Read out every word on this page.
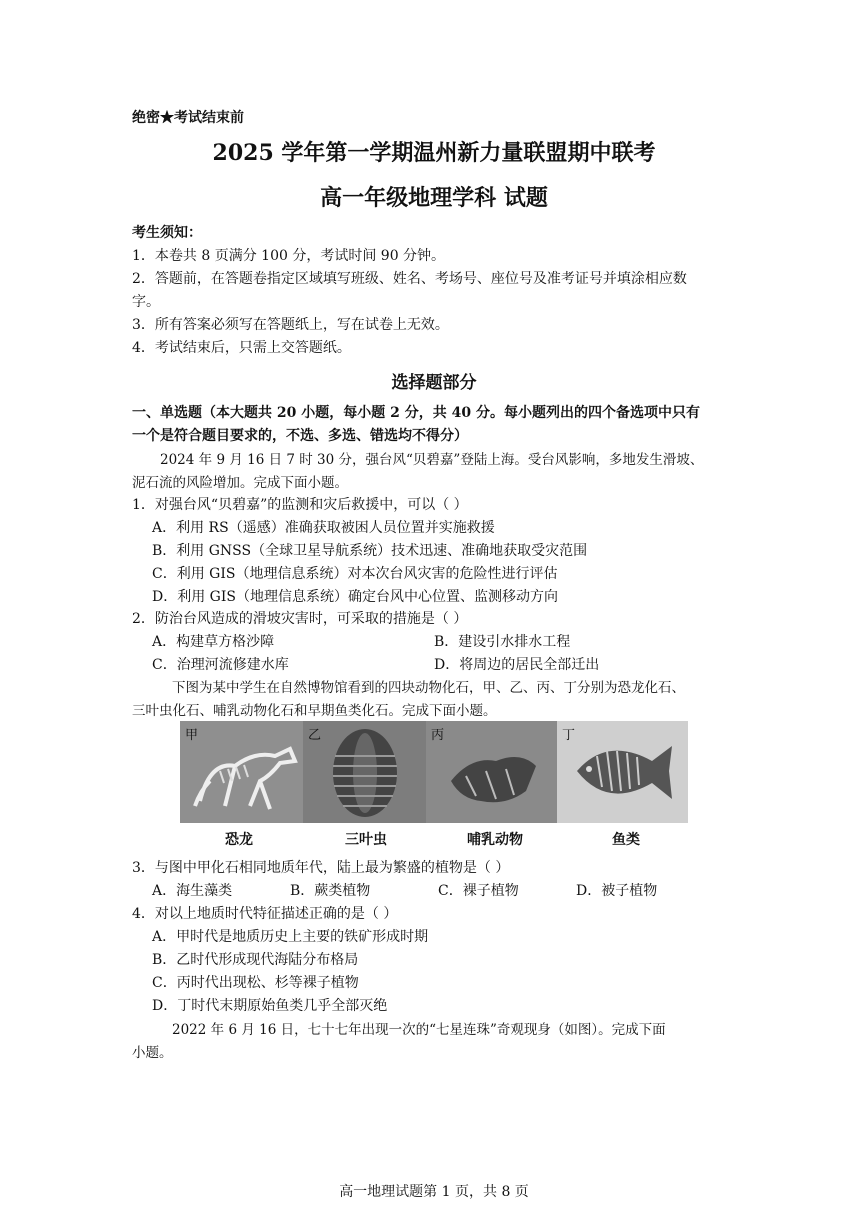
绝密★考试结束前
2025 学年第一学期温州新力量联盟期中联考
高一年级地理学科 试题
考生须知：
1．本卷共 8 页满分 100 分，考试时间 90 分钟。
2．答题前，在答题卷指定区域填写班级、姓名、考场号、座位号及准考证号并填涂相应数
字。
3．所有答案必须写在答题纸上，写在试卷上无效。
4．考试结束后，只需上交答题纸。
选择题部分
一、单选题（本大题共 20 小题，每小题 2 分，共 40 分。每小题列出的四个备选项中只有
一个是符合题目要求的，不选、多选、错选均不得分）
2024 年 9 月 16 日 7 时 30 分，强台风“贝碧嘉”登陆上海。受台风影响，多地发生滑坡、
泥石流的风险增加。完成下面小题。
1．对强台风“贝碧嘉”的监测和灾后救援中，可以（ ）
A．利用 RS（遥感）准确获取被困人员位置并实施救援
B．利用 GNSS（全球卫星导航系统）技术迅速、准确地获取受灾范围
C．利用 GIS（地理信息系统）对本次台风灾害的危险性进行评估
D．利用 GIS（地理信息系统）确定台风中心位置、监测移动方向
2．防治台风造成的滑坡灾害时，可采取的措施是（ ）
A．构建草方格沙障	B．建设引水排水工程
C．治理河流修建水库	D．将周边的居民全部迁出
下图为某中学生在自然博物馆看到的四块动物化石，甲、乙、丙、丁分别为恐龙化石、
三叶虫化石、哺乳动物化石和早期鱼类化石。完成下面小题。
甲	乙	丙	丁
恐龙	三叶虫	哺乳动物	鱼类
3．与图中甲化石相同地质年代，陆上最为繁盛的植物是（ ）
A．海生藻类	B．蕨类植物	C．裸子植物	D．被子植物
4．对以上地质时代特征描述正确的是（ ）
A．甲时代是地质历史上主要的铁矿形成时期
B．乙时代形成现代海陆分布格局
C．丙时代出现松、杉等裸子植物
D．丁时代末期原始鱼类几乎全部灭绝
2022 年 6 月 16 日，七十七年出现一次的“七星连珠”奇观现身（如图）。完成下面
小题。
高一地理试题第 1 页，共 8 页
